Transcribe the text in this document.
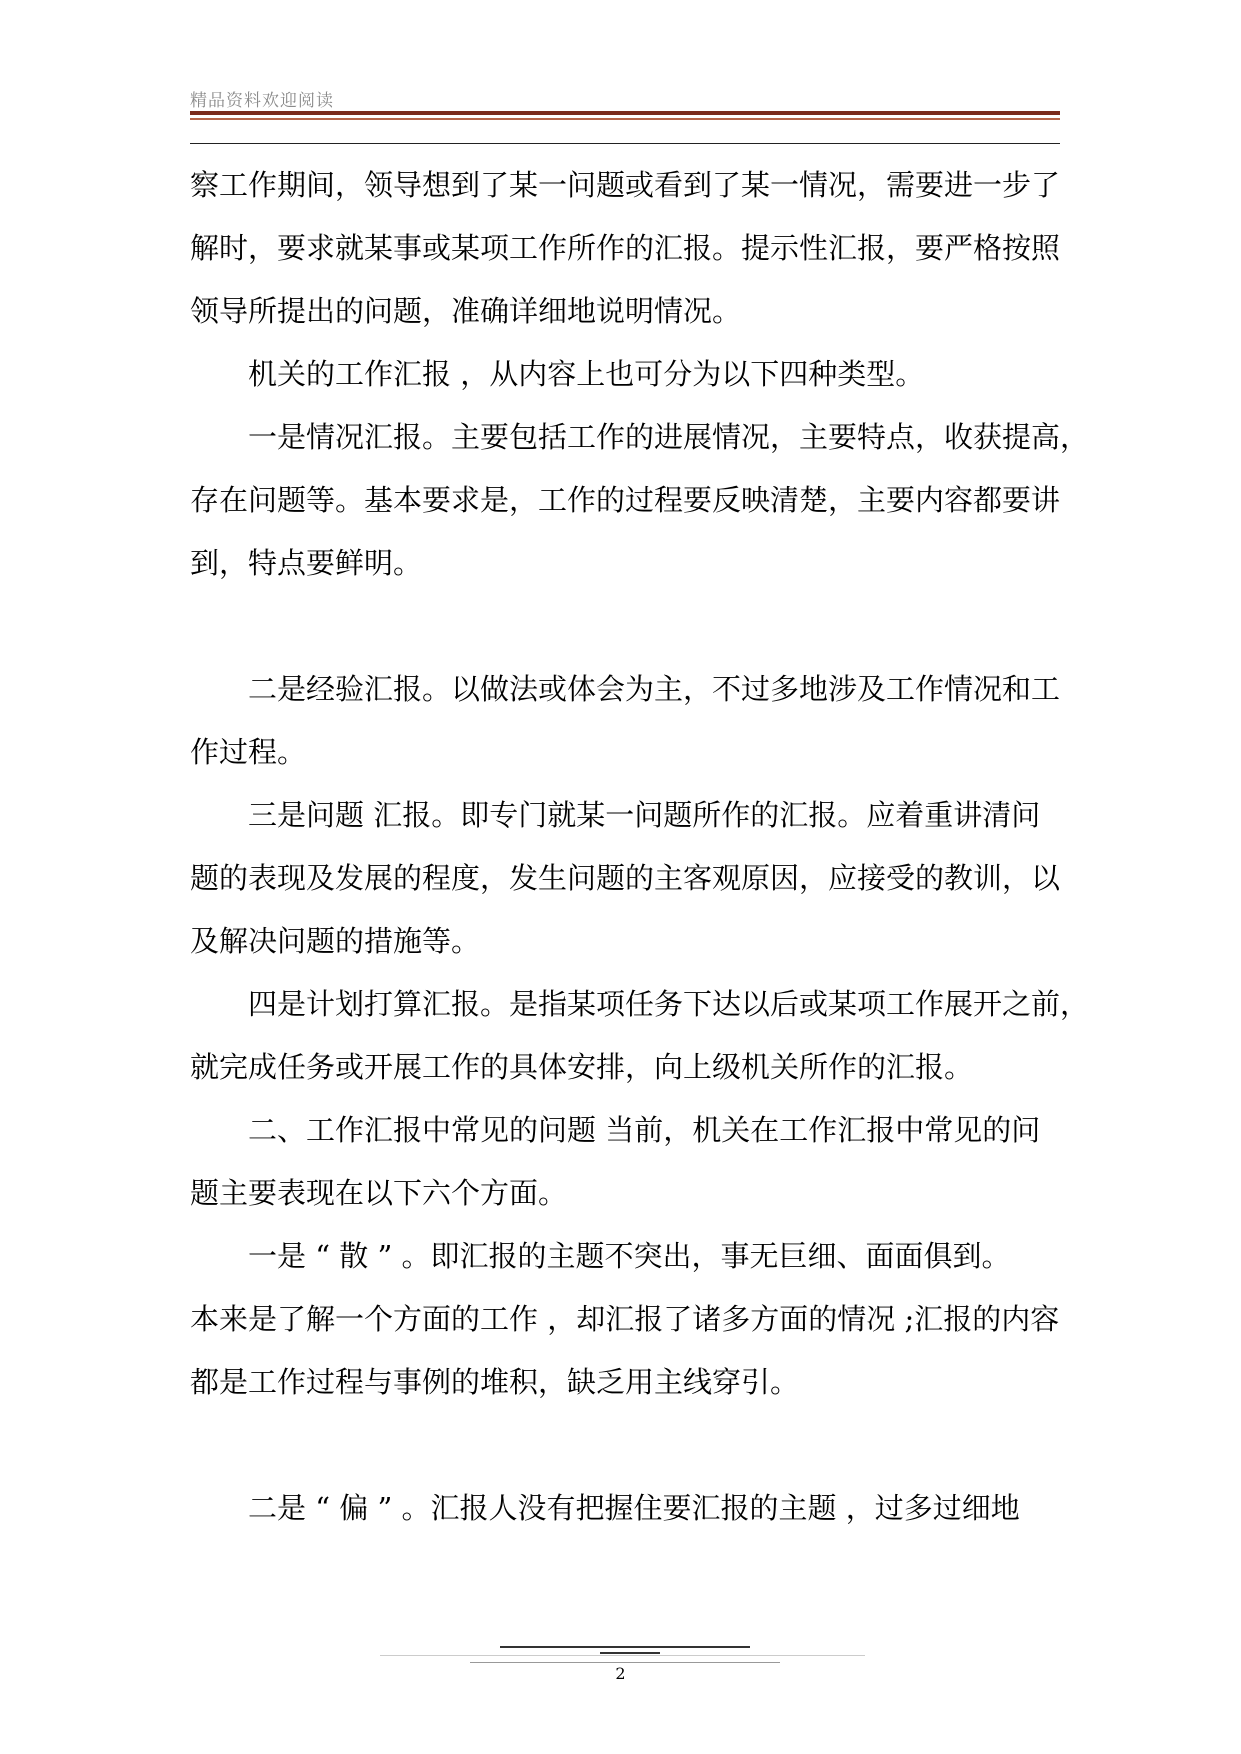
精品资料欢迎阅读
察工作期间，领导想到了某一问题或看到了某一情况，需要进一步了
解时，要求就某事或某项工作所作的汇报。提示性汇报，要严格按照
领导所提出的问题，准确详细地说明情况。
机关的工作汇报 ，从内容上也可分为以下四种类型。
一是情况汇报。主要包括工作的进展情况，主要特点，收获提高，
存在问题等。基本要求是，工作的过程要反映清楚，主要内容都要讲
到，特点要鲜明。
二是经验汇报。以做法或体会为主，不过多地涉及工作情况和工
作过程。
三是问题 汇报。即专门就某一问题所作的汇报。应着重讲清问
题的表现及发展的程度，发生问题的主客观原因，应接受的教训，以
及解决问题的措施等。
四是计划打算汇报。是指某项任务下达以后或某项工作展开之前，
就完成任务或开展工作的具体安排，向上级机关所作的汇报。
二、工作汇报中常见的问题 当前，机关在工作汇报中常见的问
题主要表现在以下六个方面。
一是 “ 散 ” 。即汇报的主题不突出，事无巨细、面面俱到。
本来是了解一个方面的工作 ，却汇报了诸多方面的情况 ;汇报的内容
都是工作过程与事例的堆积，缺乏用主线穿引。
二是 “ 偏 ” 。汇报人没有把握住要汇报的主题 ，过多过细地
2
